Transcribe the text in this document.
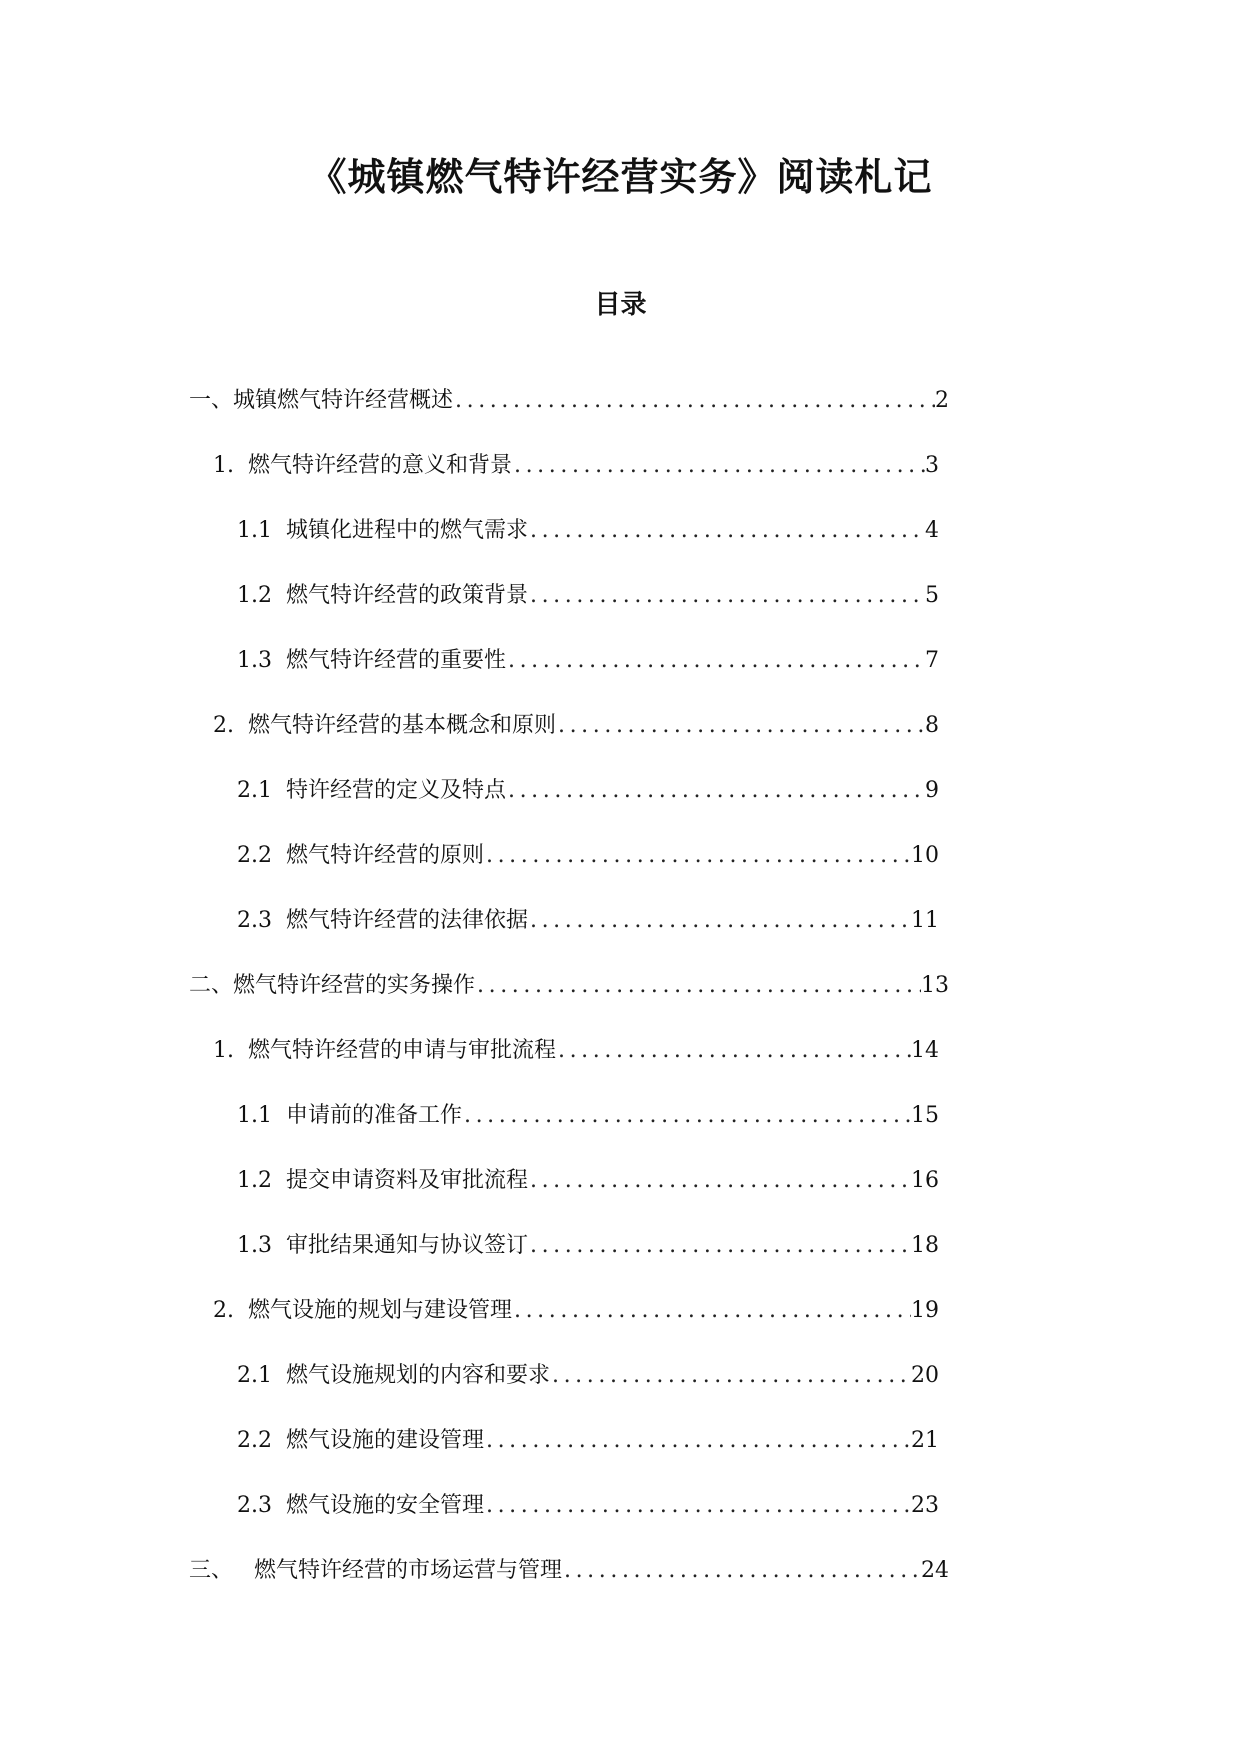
《城镇燃气特许经营实务》阅读札记
目录
一、 城镇燃气特许经营概述 .....	2
1. 燃气特许经营的意义和背景 .....	3
1.1 城镇化进程中的燃气需求 .....	4
1.2 燃气特许经营的政策背景 .....	5
1.3 燃气特许经营的重要性 .....	7
2. 燃气特许经营的基本概念和原则 .....	8
2.1 特许经营的定义及特点 .....	9
2.2 燃气特许经营的原则 .....	10
2.3 燃气特许经营的法律依据 .....	11
二、 燃气特许经营的实务操作 .....	13
1. 燃气特许经营的申请与审批流程 .....	14
1.1 申请前的准备工作 .....	15
1.2 提交申请资料及审批流程 .....	16
1.3 审批结果通知与协议签订 .....	18
2. 燃气设施的规划与建设管理 .....	19
2.1 燃气设施规划的内容和要求 .....	20
2.2 燃气设施的建设管理 .....	21
2.3 燃气设施的安全管理 .....	23
三、 燃气特许经营的市场运营与管理 .....	24
